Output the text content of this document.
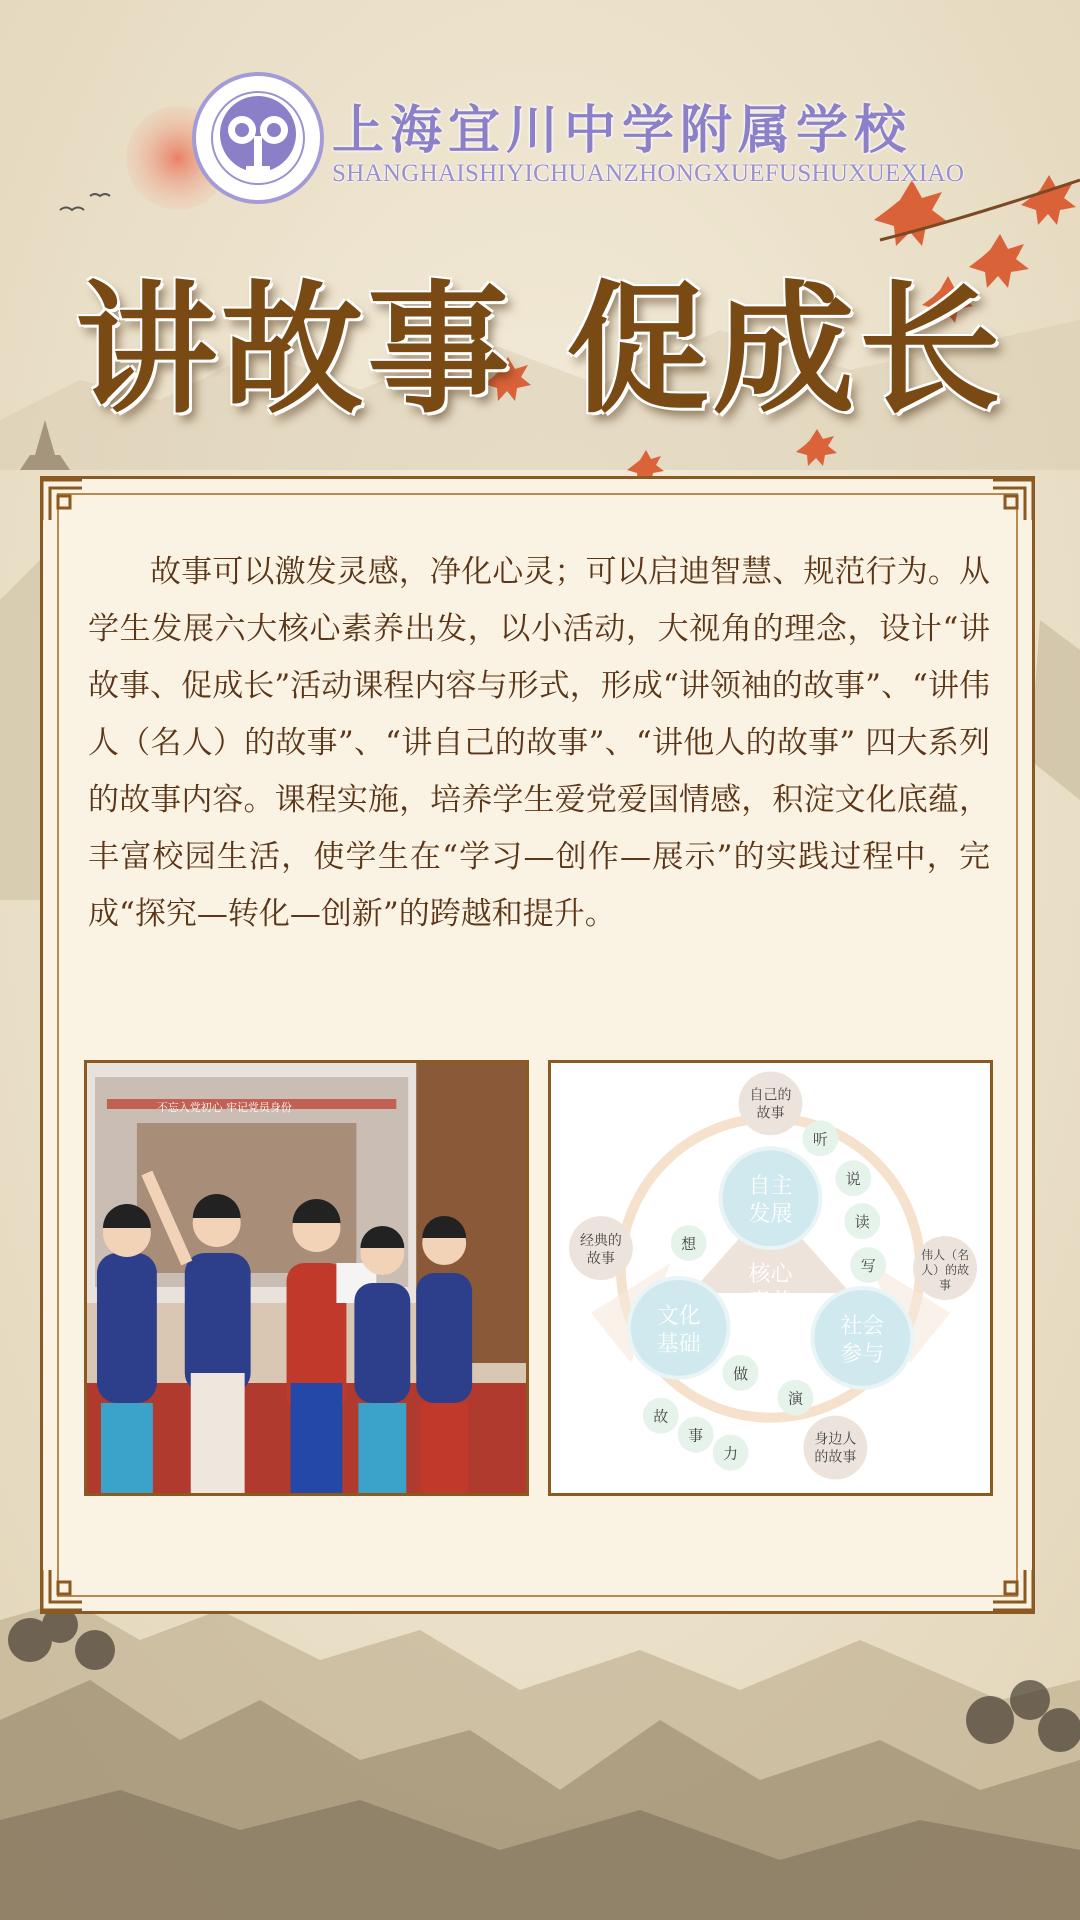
上海宜川中学附属学校
SHANGHAISHIYICHUANZHONGXUEFUSHUXUEXIAO
讲故事 促成长

故事可以激发灵感，净化心灵；可以启迪智慧、规范行为。从学生发展六大核心素养出发，以小活动，大视角的理念，设计“讲故事、促成长”活动课程内容与形式，形成“讲领袖的故事”、“讲伟人（名人）的故事”、“讲自己的故事”、“讲他人的故事” 四大系列的故事内容。课程实施，培养学生爱党爱国情感，积淀文化底蕴，丰富校园生活，使学生在“学习—创作—展示”的实践过程中，完成“探究—转化—创新”的跨越和提升。

不忘入党初心 牢记党员身份
核心
素养
自主
发展
文化
基础
社会
参与
自己的
故事
经典的
故事	伟人（名
人）的故
事
身边人
的故事
听
说
读
写
想
做
演
故
事
力
